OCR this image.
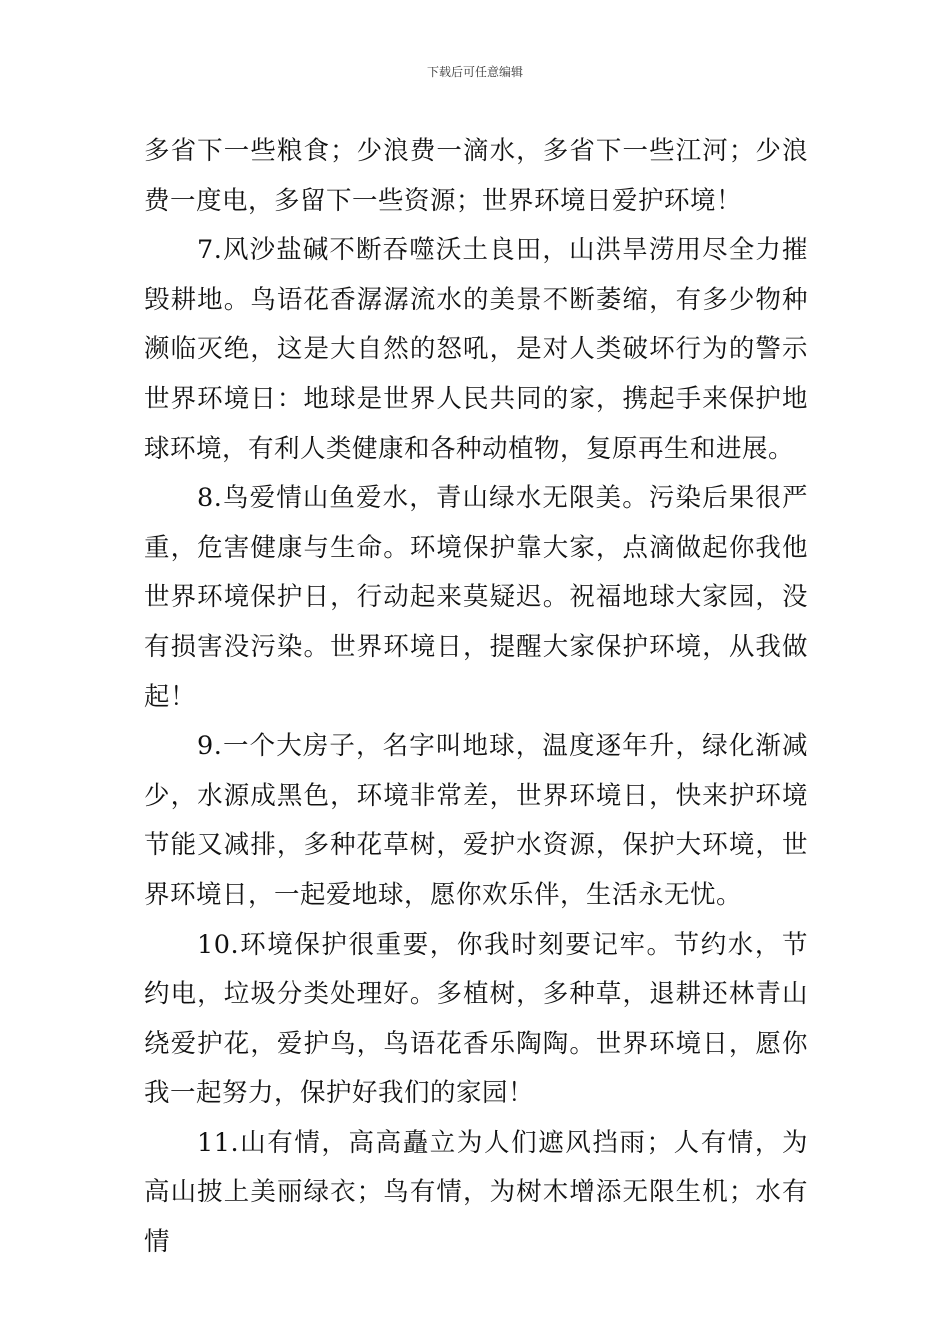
下载后可任意编辑

多省下一些粮食；少浪费一滴水，多省下一些江河；少浪费一度电，多留下一些资源；世界环境日爱护环境！

7.风沙盐碱不断吞噬沃土良田，山洪旱涝用尽全力摧毁耕地。鸟语花香潺潺流水的美景不断萎缩，有多少物种濒临灭绝，这是大自然的怒吼，是对人类破坏行为的警示世界环境日：地球是世界人民共同的家，携起手来保护地球环境，有利人类健康和各种动植物，复原再生和进展。

8.鸟爱情山鱼爱水，青山绿水无限美。污染后果很严重，危害健康与生命。环境保护靠大家，点滴做起你我他世界环境保护日，行动起来莫疑迟。祝福地球大家园，没有损害没污染。世界环境日，提醒大家保护环境，从我做起！

9.一个大房子，名字叫地球，温度逐年升，绿化渐减少，水源成黑色，环境非常差，世界环境日，快来护环境节能又减排，多种花草树，爱护水资源，保护大环境，世界环境日，一起爱地球，愿你欢乐伴，生活永无忧。

10.环境保护很重要，你我时刻要记牢。节约水，节约电，垃圾分类处理好。多植树，多种草，退耕还林青山绕爱护花，爱护鸟，鸟语花香乐陶陶。世界环境日，愿你我一起努力，保护好我们的家园！

11.山有情，高高矗立为人们遮风挡雨；人有情，为高山披上美丽绿衣；鸟有情，为树木增添无限生机；水有情
